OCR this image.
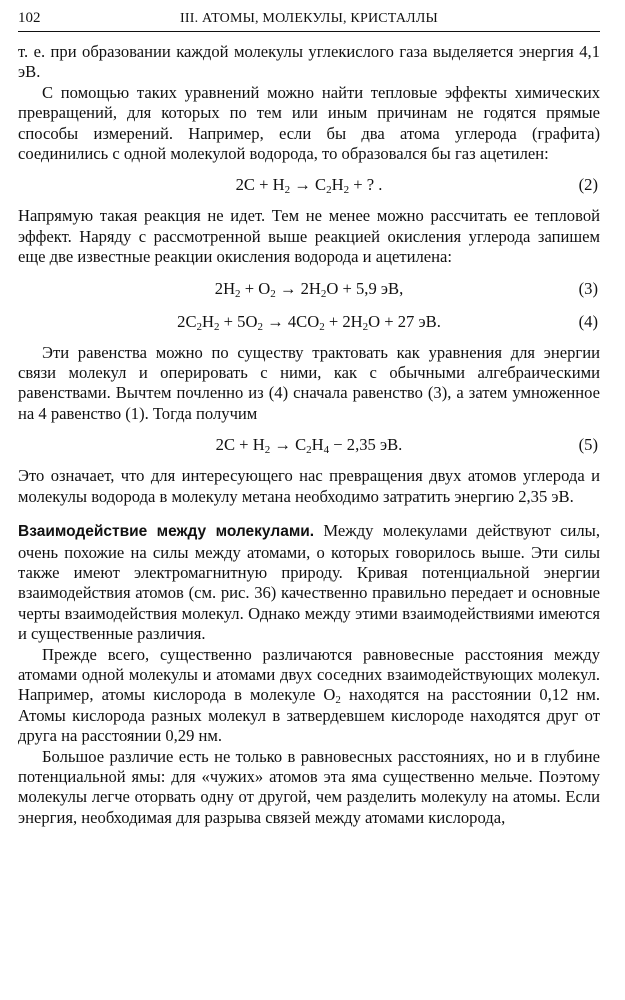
102	III. АТОМЫ, МОЛЕКУЛЫ, КРИСТАЛЛЫ

т. е. при образовании каждой молекулы углекислого газа выделяется энергия 4,1 эВ.

С помощью таких уравнений можно найти тепловые эффекты химических превращений, для которых по тем или иным причинам не годятся прямые способы измерений. Например, если бы два атома углерода (графита) соединились с одной молекулой водорода, то образовался бы газ ацетилен:

$2C + H_2 \to C_2H_2$ + ? .	(2)

Напрямую такая реакция не идет. Тем не менее можно рассчитать ее тепловой эффект. Наряду с рассмотренной выше реакцией окисления углерода запишем еще две известные реакции окисления водорода и ацетилена:

$2H_2 + O_2 \to 2H_2O + 5,9$ эВ,	(3)
$2C_2H_2 + 5O_2 \to 4CO_2 + 2H_2O + 27$ эВ.	(4)

Эти равенства можно по существу трактовать как уравнения для энергии связи молекул и оперировать с ними, как с обычными алгебраическими равенствами. Вычтем почленно из (4) сначала равенство (3), а затем умноженное на 4 равенство (1). Тогда получим

$2C + H_2 \to C_2H_4 - 2,35$ эВ.	(5)

Это означает, что для интересующего нас превращения двух атомов углерода и молекулы водорода в молекулу метана необходимо затратить энергию 2,35 эВ.

Взаимодействие между молекулами. Между молекулами действуют силы, очень похожие на силы между атомами, о которых говорилось выше. Эти силы также имеют электромагнитную природу. Кривая потенциальной энергии взаимодействия атомов (см. рис. 36) качественно правильно передает и основные черты взаимодействия молекул. Однако между этими взаимодействиями имеются и существенные различия.

Прежде всего, существенно различаются равновесные расстояния между атомами одной молекулы и атомами двух соседних взаимодействующих молекул. Например, атомы кислорода в молекуле $O_2$ находятся на расстоянии 0,12 нм. Атомы кислорода разных молекул в затвердевшем кислороде находятся друг от друга на расстоянии 0,29 нм.

Большое различие есть не только в равновесных расстояниях, но и в глубине потенциальной ямы: для «чужих» атомов эта яма существенно мельче. Поэтому молекулы легче оторвать одну от другой, чем разделить молекулу на атомы. Если энергия, необходимая для разрыва связей между атомами кислорода,
